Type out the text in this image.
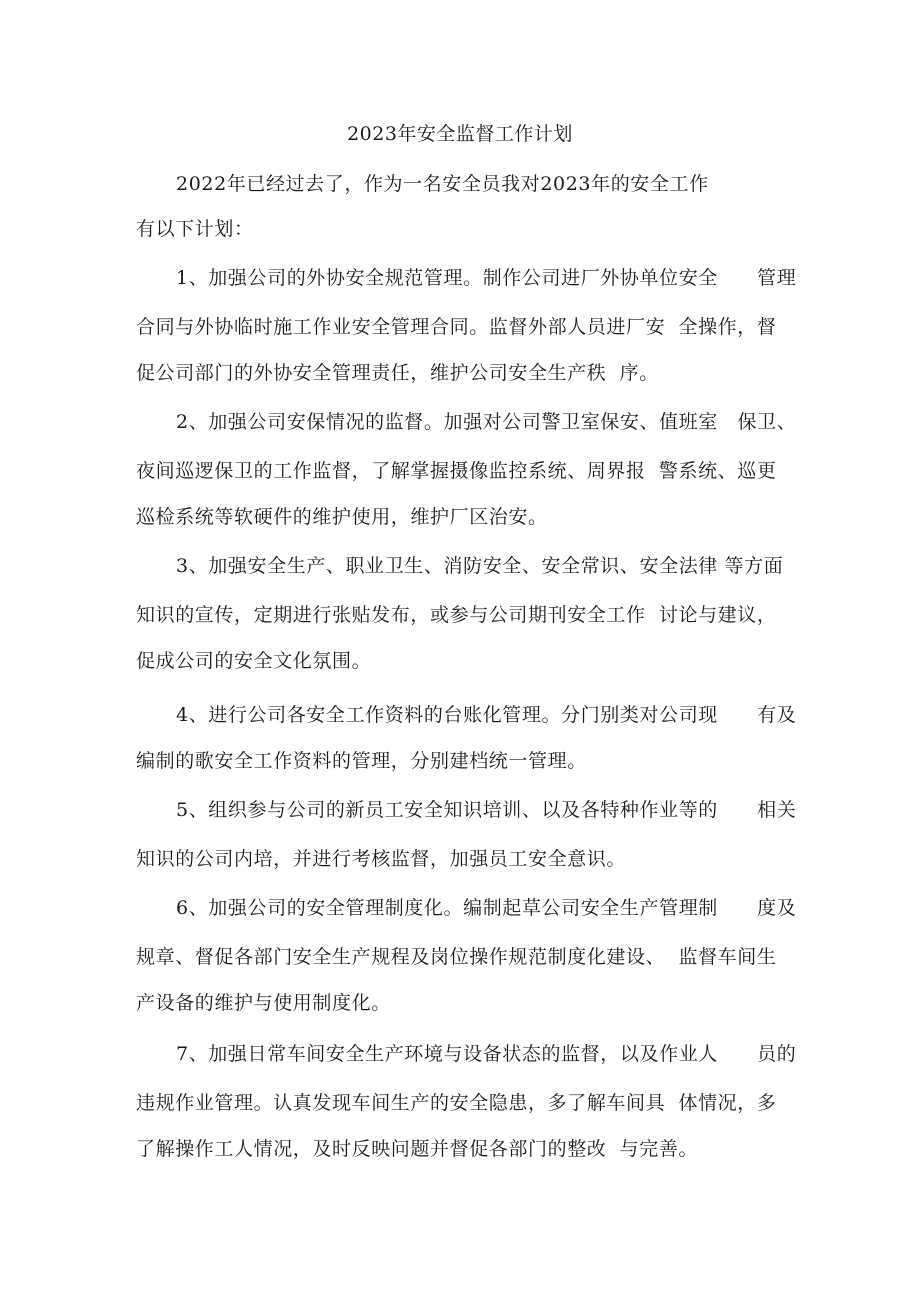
2023年安全监督工作计划
2022年已经过去了，作为一名安全员我对2023年的安全工作
有以下计划：
1、加强公司的外协安全规范管理。制作公司进厂外协单位安全　　管理
合同与外协临时施工作业安全管理合同。监督外部人员进厂安  全操作，督
促公司部门的外协安全管理责任，维护公司安全生产秩  序。
2、加强公司安保情况的监督。加强对公司警卫室保安、值班室　保卫、
夜间巡逻保卫的工作监督，了解掌握摄像监控系统、周界报  警系统、巡更
巡检系统等软硬件的维护使用，维护厂区治安。
3、加强安全生产、职业卫生、消防安全、安全常识、安全法律 等方面
知识的宣传，定期进行张贴发布，或参与公司期刊安全工作  讨论与建议，
促成公司的安全文化氛围。
4、进行公司各安全工作资料的台账化管理。分门别类对公司现　　有及
编制的歌安全工作资料的管理，分别建档统一管理。
5、组织参与公司的新员工安全知识培训、以及各特种作业等的　　相关
知识的公司内培，并进行考核监督，加强员工安全意识。
6、加强公司的安全管理制度化。编制起草公司安全生产管理制　　度及
规章、督促各部门安全生产规程及岗位操作规范制度化建设、  监督车间生
产设备的维护与使用制度化。
7、加强日常车间安全生产环境与设备状态的监督，以及作业人　　员的
违规作业管理。认真发现车间生产的安全隐患，多了解车间具  体情况，多
了解操作工人情况，及时反映问题并督促各部门的整改  与完善。
